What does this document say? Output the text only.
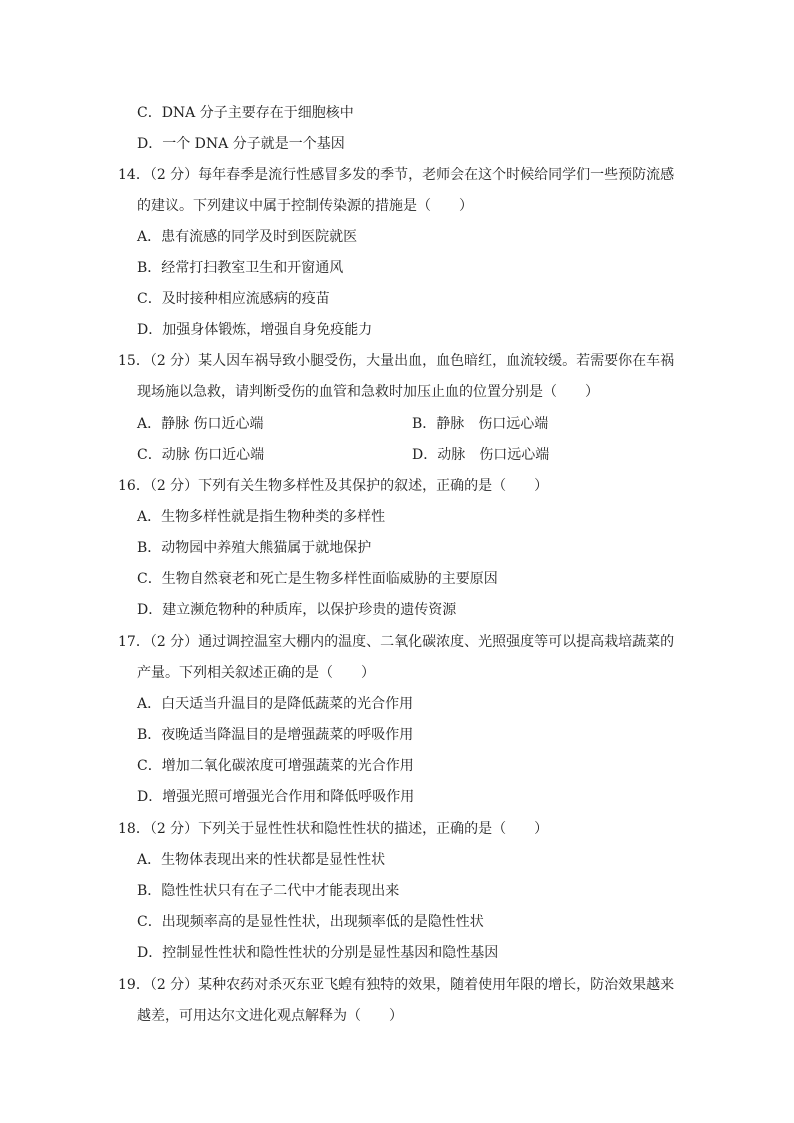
C．DNA 分子主要存在于细胞核中
D．一个 DNA 分子就是一个基因
14．（2 分）每年春季是流行性感冒多发的季节，老师会在这个时候给同学们一些预防流感
的建议。下列建议中属于控制传染源的措施是（　　）
A．患有流感的同学及时到医院就医
B．经常打扫教室卫生和开窗通风
C．及时接种相应流感病的疫苗
D．加强身体锻炼，增强自身免疫能力
15．（2 分）某人因车祸导致小腿受伤，大量出血，血色暗红，血流较缓。若需要你在车祸
现场施以急救，请判断受伤的血管和急救时加压止血的位置分别是（　　）
A．静脉 伤口近心端	B．静脉　伤口远心端
C．动脉 伤口近心端	D．动脉　伤口远心端
16．（2 分）下列有关生物多样性及其保护的叙述，正确的是（　　）
A．生物多样性就是指生物种类的多样性
B．动物园中养殖大熊猫属于就地保护
C．生物自然衰老和死亡是生物多样性面临威胁的主要原因
D．建立濒危物种的种质库，以保护珍贵的遗传资源
17．（2 分）通过调控温室大棚内的温度、二氧化碳浓度、光照强度等可以提高栽培蔬菜的
产量。下列相关叙述正确的是（　　）
A．白天适当升温目的是降低蔬菜的光合作用
B．夜晚适当降温目的是增强蔬菜的呼吸作用
C．增加二氧化碳浓度可增强蔬菜的光合作用
D．增强光照可增强光合作用和降低呼吸作用
18．（2 分）下列关于显性性状和隐性性状的描述，正确的是（　　）
A．生物体表现出来的性状都是显性性状
B．隐性性状只有在子二代中才能表现出来
C．出现频率高的是显性性状，出现频率低的是隐性性状
D．控制显性性状和隐性性状的分别是显性基因和隐性基因
19．（2 分）某种农药对杀灭东亚飞蝗有独特的效果，随着使用年限的增长，防治效果越来
越差，可用达尔文进化观点解释为（　　）
